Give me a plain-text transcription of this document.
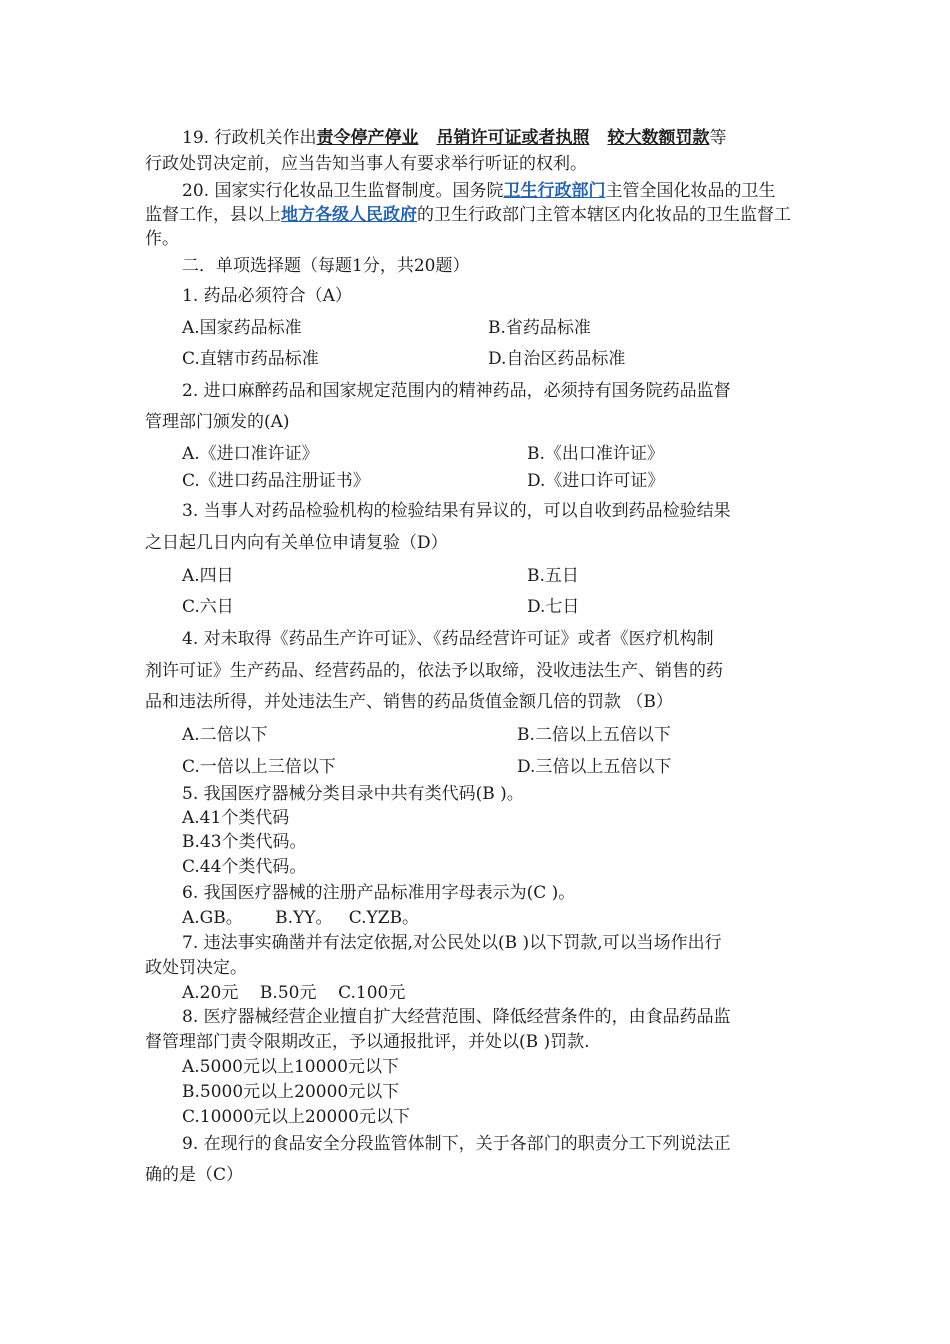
19. 行政机关作出责令停产停业 吊销许可证或者执照 较大数额罚款等
行政处罚决定前，应当告知当事人有要求举行听证的权利。
20. 国家实行化妆品卫生监督制度。国务院卫生行政部门主管全国化妆品的卫生
监督工作，县以上地方各级人民政府的卫生行政部门主管本辖区内化妆品的卫生监督工
作。
二．单项选择题（每题1分，共20题）
1. 药品必须符合（A）
A.国家药品标准	B.省药品标准
C.直辖市药品标准	D.自治区药品标准
2. 进口麻醉药品和国家规定范围内的精神药品，必须持有国务院药品监督
管理部门颁发的(A)
A.《进口准许证》	B.《出口准许证》
C.《进口药品注册证书》	D.《进口许可证》
3. 当事人对药品检验机构的检验结果有异议的，可以自收到药品检验结果
之日起几日内向有关单位申请复验（D）
A.四日	B.五日
C.六日	D.七日
4. 对未取得《药品生产许可证》、《药品经营许可证》或者《医疗机构制
剂许可证》生产药品、经营药品的，依法予以取缔，没收违法生产、销售的药
品和违法所得，并处违法生产、销售的药品货值金额几倍的罚款 （B）
A.二倍以下	B.二倍以上五倍以下
C.一倍以上三倍以下	D.三倍以上五倍以下
5. 我国医疗器械分类目录中共有类代码(B )。
A.41个类代码
B.43个类代码。
C.44个类代码。
6. 我国医疗器械的注册产品标准用字母表示为(C )。
A.GB。      B.YY。   C.YZB。
7. 违法事实确凿并有法定依据,对公民处以(B )以下罚款,可以当场作出行
政处罚决定。
A.20元    B.50元    C.100元
8. 医疗器械经营企业擅自扩大经营范围、降低经营条件的，由食品药品监
督管理部门责令限期改正，予以通报批评，并处以(B )罚款.
A.5000元以上10000元以下
B.5000元以上20000元以下
C.10000元以上20000元以下
9. 在现行的食品安全分段监管体制下，关于各部门的职责分工下列说法正
确的是（C）
